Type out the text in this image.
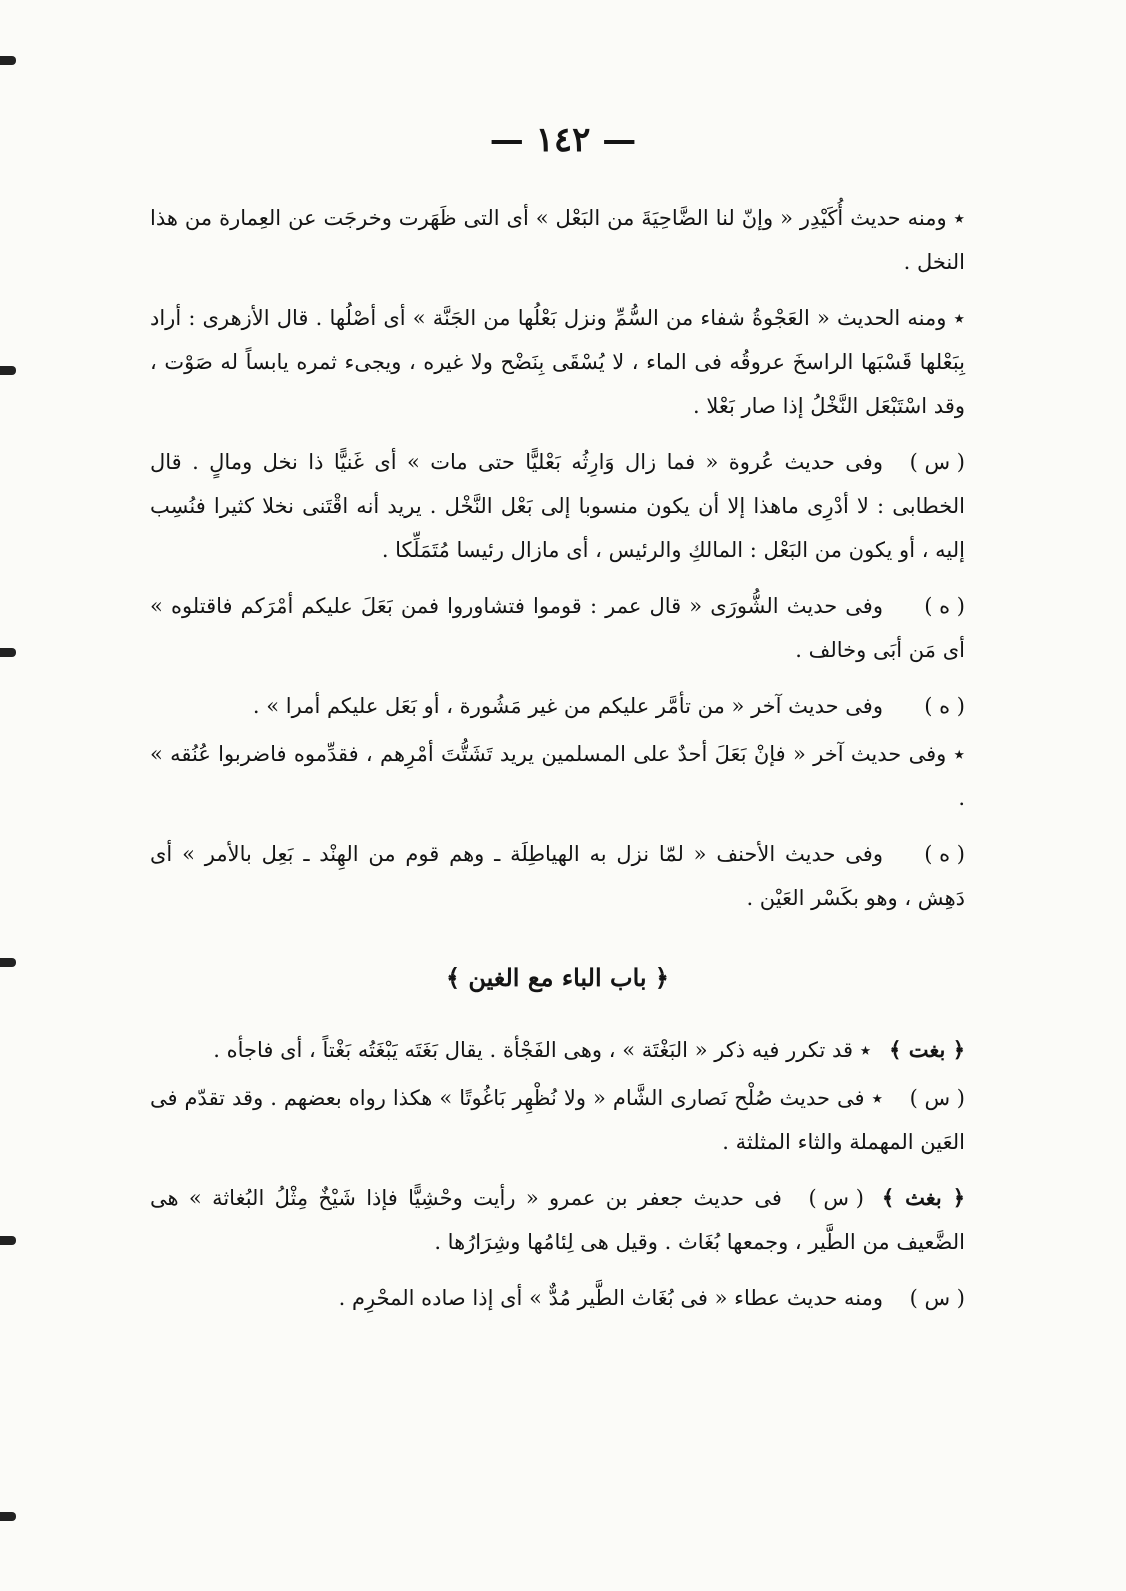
— ١٤٢ —

٭ ومنه حديث أُكَيْدِر « وإنّ لنا الضَّاحِيَةَ من البَعْل » أى التى ظَهَرت وخرجَت عن العِمارة من هذا النخل .

٭ ومنه الحديث « العَجْوةُ شفاء من السُّمِّ ونزل بَعْلُها من الجَنَّة » أى أصْلُها . قال الأزهرى : أراد بِبَعْلها قَسْبَها الراسخَ عروقُه فى الماء ، لا يُسْقَى بِنَضْح ولا غيره ، ويجىء ثمره يابساً له صَوْت ، وقد اسْتَبْعَل النَّخْلُ إذا صار بَعْلا .

( س )وفى حديث عُروة « فما زال وَارِثُه بَعْليًّا حتى مات » أى غَنيًّا ذا نخل ومالٍ . قال الخطابى : لا أدْرِى ماهذا إلا أن يكون منسوبا إلى بَعْل النَّخْل . يريد أنه اقْتَنى نخلا كثيرا فنُسِب إليه ، أو يكون من البَعْل : المالكِ والرئيس ، أى مازال رئيسا مُتَمَلِّكا .

( ه )وفى حديث الشُّورَى « قال عمر : قوموا فتشاوروا فمن بَعَلَ عليكم أمْرَكم فاقتلوه » أى مَن أبَى وخالف .

( ه )وفى حديث آخر « من تأمَّر عليكم من غير مَشُورة ، أو بَعَل عليكم أمرا » .

٭ وفى حديث آخر « فإنْ بَعَلَ أحدٌ على المسلمين يريد تَشَتُّتَ أمْرِهم ، فقدِّموه فاضربوا عُنُقه » .

( ه )وفى حديث الأحنف « لمّا نزل به الهياطِلَة ـ وهم قوم من الهِنْد ـ بَعِل بالأمر » أى دَهِش ، وهو بكَسْر العَيْن .

﴿ باب الباء مع الغين ﴾

﴿ بغت ﴾٭ قد تكرر فيه ذكر « البَغْتَة » ، وهى الفَجْأة . يقال بَغَتَه يَبْغَتُه بَغْتاً ، أى فاجأه .

( س )٭ فى حديث صُلْح نَصارى الشَّام « ولا نُظْهِر بَاغُوتًا » هكذا رواه بعضهم . وقد تقدّم فى العَين المهملة والثاء المثلثة .

﴿ بغث ﴾( س )فى حديث جعفر بن عمرو « رأيت وحْشِيًّا فإذا شَيْخٌ مِثْلُ البُغاثة » هى الضَّعيف من الطَّير ، وجمعها بُغَاث . وقيل هى لِئامُها وشِرَارُها .

( س )ومنه حديث عطاء « فى بُغَاث الطَّير مُدٌّ » أى إذا صاده المحْرِم .
